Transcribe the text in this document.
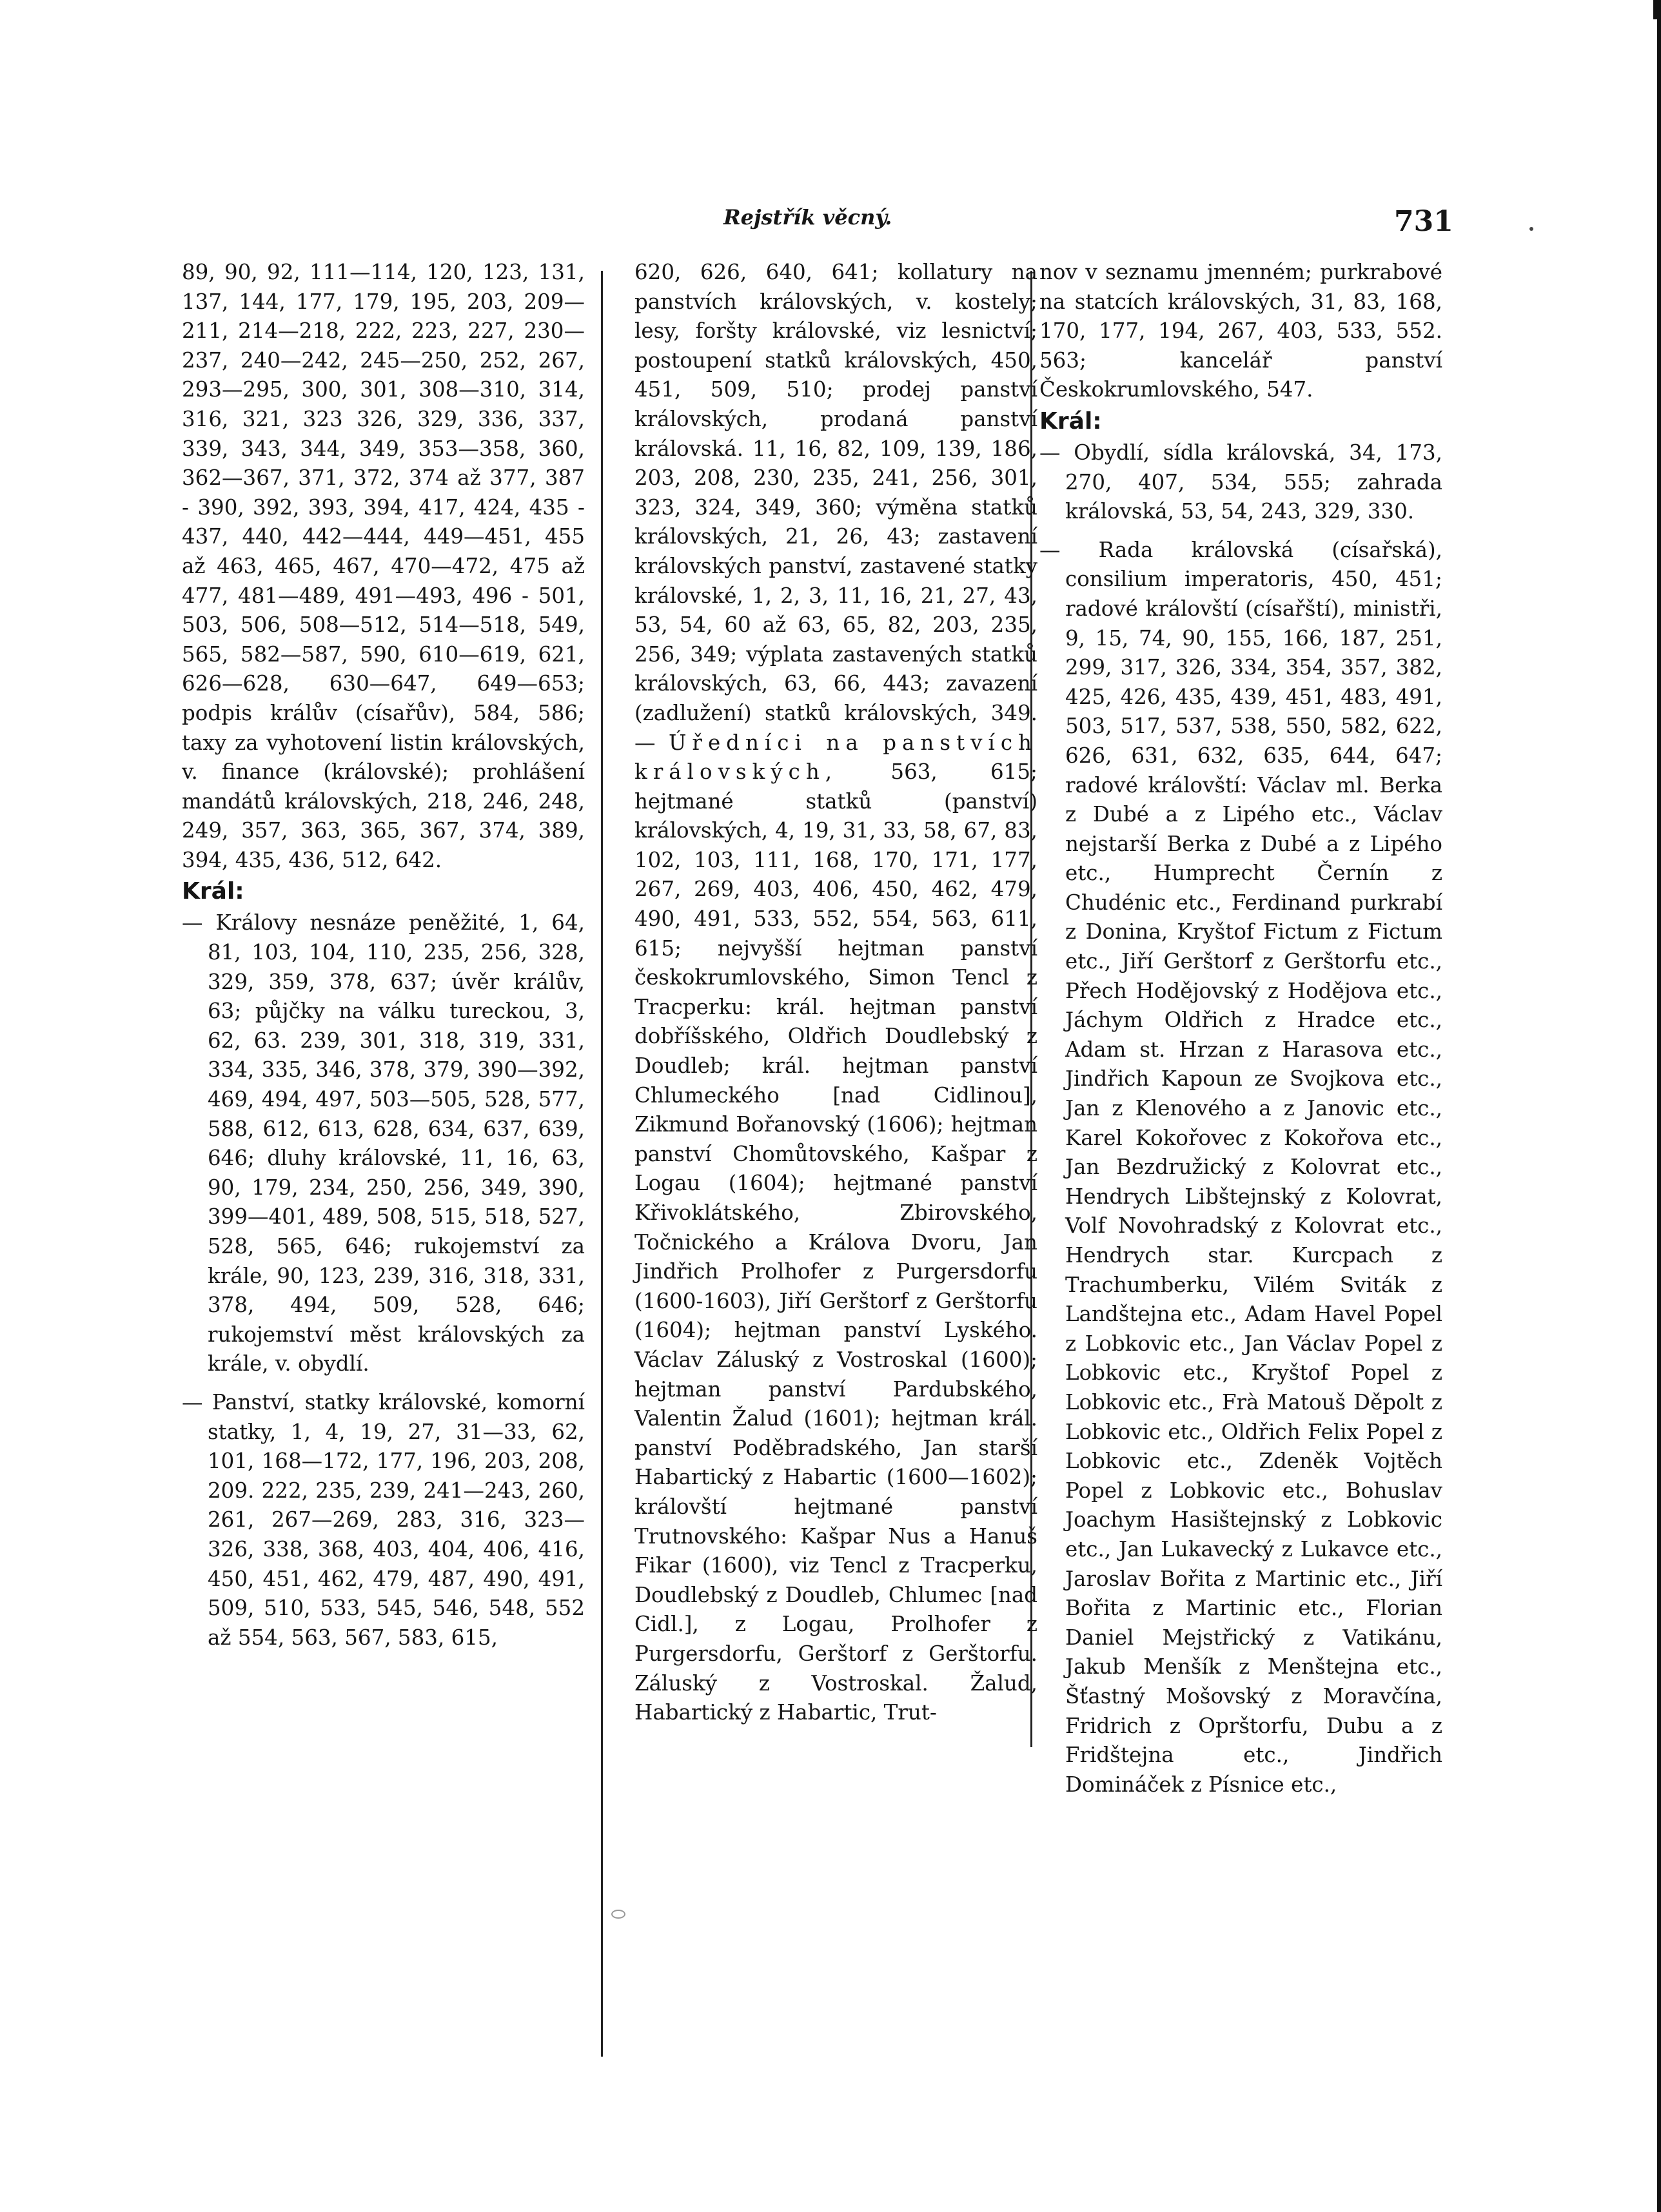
Rejstřík věcný.	731

89, 90, 92, 111—114, 120, 123, 131, 137, 144, 177, 179, 195, 203, 209—211, 214—218, 222, 223, 227, 230—237, 240—242, 245—250, 252, 267, 293—295, 300, 301, 308—310, 314, 316, 321, 323 326, 329, 336, 337, 339, 343, 344, 349, 353—358, 360, 362—367, 371, 372, 374 až 377, 387 - 390, 392, 393, 394, 417, 424, 435 - 437, 440, 442—444, 449—451, 455 až 463, 465, 467, 470—472, 475 až 477, 481—489, 491—493, 496 - 501, 503, 506, 508—512, 514—518, 549, 565, 582—587, 590, 610—619, 621, 626—628, 630—647, 649—653; podpis králův (císařův), 584, 586; taxy za vyhotovení listin královských, v. finance (královské); prohlášení mandátů královských, 218, 246, 248, 249, 357, 363, 365, 367, 374, 389, 394, 435, 436, 512, 642.

Král:

— Královy nesnáze peněžité, 1, 64, 81, 103, 104, 110, 235, 256, 328, 329, 359, 378, 637; úvěr králův, 63; půjčky na válku tureckou, 3, 62, 63. 239, 301, 318, 319, 331, 334, 335, 346, 378, 379, 390—392, 469, 494, 497, 503—505, 528, 577, 588, 612, 613, 628, 634, 637, 639, 646; dluhy královské, 11, 16, 63, 90, 179, 234, 250, 256, 349, 390, 399—401, 489, 508, 515, 518, 527, 528, 565, 646; rukojemství za krále, 90, 123, 239, 316, 318, 331, 378, 494, 509, 528, 646; rukojemství měst královských za krále, v. obydlí.

— Panství, statky královské, komorní statky, 1, 4, 19, 27, 31—33, 62, 101, 168—172, 177, 196, 203, 208, 209. 222, 235, 239, 241—243, 260, 261, 267—269, 283, 316, 323—326, 338, 368, 403, 404, 406, 416, 450, 451, 462, 479, 487, 490, 491, 509, 510, 533, 545, 546, 548, 552 až 554, 563, 567, 583, 615,

620, 626, 640, 641; kollatury na panstvích královských, v. kostely; lesy, foršty královské, viz lesnictví; postoupení statků královských, 450, 451, 509, 510; prodej panství královských, prodaná panství královská. 11, 16, 82, 109, 139, 186, 203, 208, 230, 235, 241, 256, 301, 323, 324, 349, 360; výměna statků královských, 21, 26, 43; zastavení královských panství, zastavené statky královské, 1, 2, 3, 11, 16, 21, 27, 43, 53, 54, 60 až 63, 65, 82, 203, 235, 256, 349; výplata zastavených statků královských, 63, 66, 443; zavazení (zadlužení) statků královských, 349. — Úředníci na panstvích královských,	563, 615; hejtmané statků (panství) královských, 4, 19, 31, 33, 58, 67, 83, 102, 103, 111, 168, 170, 171, 177, 267, 269, 403, 406, 450, 462, 479, 490, 491, 533, 552, 554, 563, 611, 615; nejvyšší hejtman panství českokrumlovského, Simon Tencl z Tracperku: král. hejtman panství dobříšského, Oldřich Doudlebský z Doudleb; král. hejtman panství Chlumeckého [nad Cidlinou], Zikmund Bořanovský (1606); hejtman panství Chomůtovského, Kašpar z Logau (1604); hejtmané panství Křivoklátského, Zbirovského, Točnického a Králova Dvoru, Jan Jindřich Prolhofer z Purgersdorfu (1600-1603), Jiří Gerštorf z Gerštorfu (1604); hejtman panství Lyského. Václav Záluský z Vostroskal (1600); hejtman panství Pardubského, Valentin Žalud (1601); hejtman král. panství Poděbradského, Jan starší Habartický z Habartic (1600—1602); královští hejtmané panství Trutnovského: Kašpar Nus a Hanuš Fikar (1600), viz Tencl z Tracperku, Doudlebský z Doudleb, Chlumec [nad Cidl.], z Logau, Prolhofer z Purgersdorfu, Gerštorf z Gerštorfu. Záluský z Vostroskal. Žalud, Habartický z Habartic, Trut-

nov v seznamu jmenném; purkrabové na statcích královských, 31, 83, 168, 170, 177, 194, 267, 403, 533, 552. 563; kancelář panství Českokrumlovského, 547.

Král:

— Obydlí, sídla královská, 34, 173, 270, 407, 534, 555; zahrada královská, 53, 54, 243, 329, 330.

— Rada královská (císařská), consilium imperatoris, 450, 451; radové královští (císařští), ministři, 9, 15, 74, 90, 155, 166, 187, 251, 299, 317, 326, 334, 354, 357, 382, 425, 426, 435, 439, 451, 483, 491, 503, 517, 537, 538, 550, 582, 622, 626, 631, 632, 635, 644, 647; radové královští: Václav ml. Berka z Dubé a z Lipého etc., Václav nejstarší Berka z Dubé a z Lipého etc., Humprecht Černín z Chudénic etc., Ferdinand purkrabí z Donina, Kryštof Fictum z Fictum etc., Jiří Gerštorf z Gerštorfu etc., Přech Hodějovský z Hodějova etc., Jáchym Oldřich z Hradce etc., Adam st. Hrzan z Harasova etc., Jindřich Kapoun ze Svojkova etc., Jan z Klenového a z Janovic etc., Karel Kokořovec z Kokořova etc., Jan Bezdružický z Kolovrat etc., Hendrych Libštejnský z Kolovrat, Volf Novohradský z Kolovrat etc., Hendrych star. Kurcpach z Trachumberku, Vilém Sviták z Landštejna etc., Adam Havel Popel z Lobkovic etc., Jan Václav Popel z Lobkovic etc., Kryštof Popel z Lobkovic etc., Frà Matouš Děpolt z Lobkovic etc., Oldřich Felix Popel z Lobkovic etc., Zdeněk Vojtěch Popel z Lobkovic etc., Bohuslav Joachym Hasištejnský z Lobkovic etc., Jan Lukavecký z Lukavce etc., Jaroslav Bořita z Martinic etc., Jiří Bořita z Martinic etc., Florian Daniel Mejstřický z Vatikánu, Jakub Menšík z Menštejna etc., Šťastný Mošovský z Moravčína, Fridrich z Oprštorfu, Dubu a z Fridštejna etc., Jindřich Domináček z Písnice etc.,
